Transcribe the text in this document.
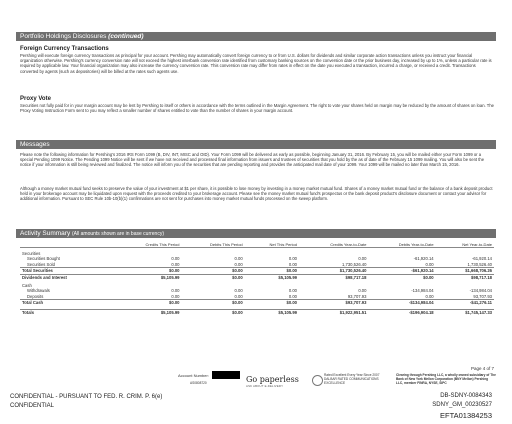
Portfolio Holdings Disclosures (continued)
Foreign Currency Transactions

Pershing will execute foreign currency transactions as principal for your account. Pershing may automatically convert foreign currency to or from U.S. dollars for dividends and similar corporate action transactions unless you instruct your financial organization otherwise. Pershing's currency conversion rate will not exceed the highest interbank conversion rate identified from customary banking sources on the conversion date or the prior business day, increased by up to 1%, unless a particular rate is required by applicable law. Your financial organization may also increase the currency conversion rate. This conversion rate may differ from rates in effect on the date you executed a transaction, incurred a charge, or received a credit. Transactions converted by agents (such as depositories) will be billed at the rates such agents use.

Proxy Vote

Securities not fully paid for in your margin account may be lent by Pershing to itself or others in accordance with the terms outlined in the Margin Agreement. The right to vote your shares held on margin may be reduced by the amount of shares on loan. The Proxy Voting Instruction Form sent to you may reflect a smaller number of shares entitled to vote than the number of shares in your margin account.

Messages

Please note the following information for Pershing's 2016 IRS Form 1099 (B, DIV, INT, MISC and OID). Your Form 1099 will be delivered as early as possible, beginning January 31, 2016. By February 15, you will be mailed either your Form 1099 or a special Pending 1099 Notice. The Pending 1099 Notice will be sent if we have not received and processed final information from issuers and trustees of securities that you hold by the as of date of the February 15 1099 mailing. You will also be sent the notice if your information is still being reviewed and finalized. The notice will inform you of the securities that are pending reporting and provides the anticipated mail date of your 1099. Your 1099 will be mailed no later than March 15, 2016.

Although a money market mutual fund seeks to preserve the value of your investment at $1 per share, it is possible to lose money by investing in a money market mutual fund. Shares of a money market mutual fund or the balance of a bank deposit product held in your brokerage account may be liquidated upon request with the proceeds credited to your brokerage account. Please see the money market mutual fund's prospectus or the bank deposit product's disclosure document or contact your advisor for additional information. Pursuant to SEC Rule 10b-10(b)(1) confirmations are not sent for purchases into money market mutual funds processed on the sweep platform.

Activity Summary (All amounts shown are in base currency)
	Credits This Period	Debits This Period	Net This Period	Credits Year-to-Date	Debits Year-to-Date	Net Year-to-Date

Securities						
Securities Bought	0.00	0.00	0.00	0.00	-61,920.14	-61,920.14
Securities Sold	0.00	0.00	0.00	1,730,526.40	0.00	1,730,526.40
Total Securities	$0.00	$0.00	$0.00	$1,730,526.40	-$61,920.14	$1,668,706.26
Dividends and Interest	$5,105.99	$0.00	$5,105.99	$98,717.18	$0.00	$98,717.18

Cash						
Withdrawals	0.00	0.00	0.00	0.00	-134,984.04	-134,984.04
Deposits	0.00	0.00	0.00	93,707.93	0.00	93,707.93
Total Cash	$0.00	$0.00	$0.00	$93,707.93	-$134,984.04	-$41,276.11

Totals	$5,105.99	$0.00	$5,105.99	$1,922,951.51	-$196,904.18	$1,745,147.33
Page 4 of 7
Account Number:
AS0808720	Go paperless
ASK ABOUT E-DELIVERY
Rated Excellent Every Year Since 2007 DALBAR RATED COMMUNICATIONS EXCELLENCE
Clearing through Pershing LLC, a wholly owned subsidiary of The Bank of New York Mellon Corporation (BNY Mellon) Pershing LLC, member FINRA, NYSE, SIPC
CONFIDENTIAL - PURSUANT TO FED. R. CRIM. P. 6(e)
CONFIDENTIAL
DB-SDNY-0084343
SDNY_GM_00230527
EFTA01384253
